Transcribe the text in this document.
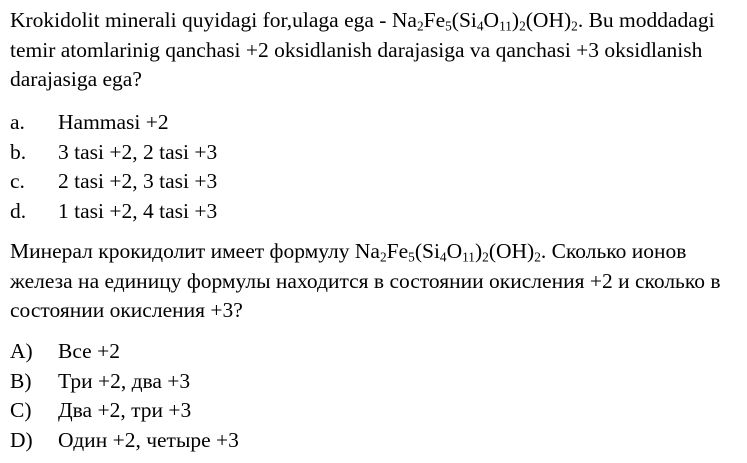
Krokidolit minerali quyidagi for,ulaga ega - $Na_2Fe_5(Si_4O_{11})_2(OH)_2$. Bu moddadagi temir atomlarinig qanchasi +2 oksidlanish darajasiga va qanchasi +3 oksidlanish darajasiga ega?

a. Hammasi +2
b. 3 tasi +2, 2 tasi +3
c. 2 tasi +2, 3 tasi +3
d. 1 tasi +2, 4 tasi +3

Минерал крокидолит имеет формулу $Na_2Fe_5(Si_4O_{11})_2(OH)_2$. Сколько ионов железа на единицу формулы находится в состоянии окисления +2 и сколько в состоянии окисления +3?

A) Все +2
B) Три +2, два +3
C) Два +2, три +3
D) Один +2, четыре +3
